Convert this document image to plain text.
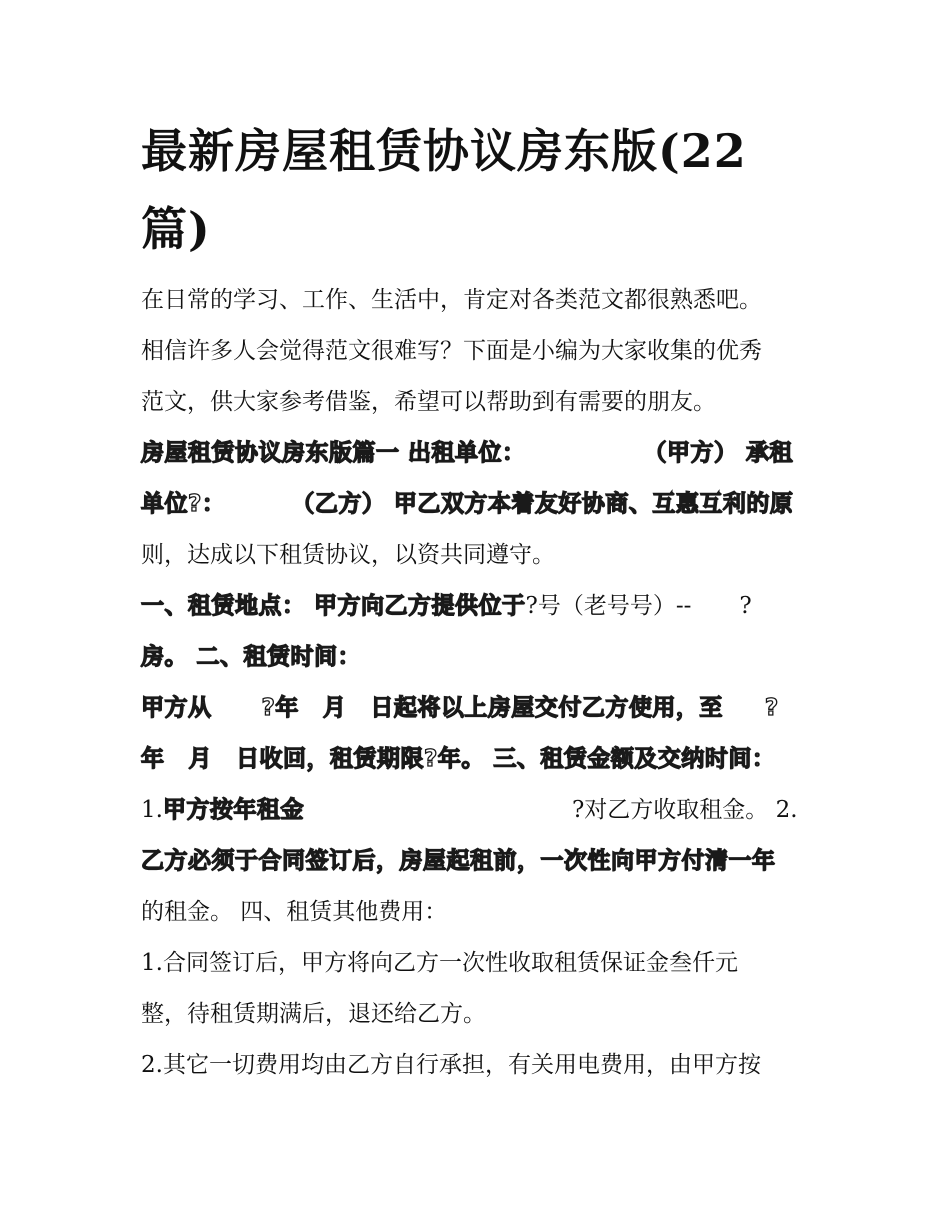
最新房屋租赁协议房东版(22
篇)
在日常的学习、工作、生活中，肯定对各类范文都很熟悉吧。
相信许多人会觉得范文很难写？下面是小编为大家收集的优秀
范文，供大家参考借鉴，希望可以帮助到有需要的朋友。
房屋租赁协议房东版篇一 出租单位：	（甲方） 承租
单位?：	（乙方） 甲乙双方本着友好协商、互惠互利的原
则，达成以下租赁协议，以资共同遵守。
一、租赁地点： 甲方向乙方提供位于?号（老号号）-- ?
房。 二、租赁时间：
甲方从 ?年 月 日起将以上房屋交付乙方使用，至 ?
年 月 日收回，租赁期限?年。 三、租赁金额及交纳时间：
1.甲方按年租金	?对乙方收取租金。 2.
乙方必须于合同签订后，房屋起租前，一次性向甲方付清一年
的租金。 四、租赁其他费用：
1.合同签订后，甲方将向乙方一次性收取租赁保证金叁仟元
整，待租赁期满后，退还给乙方。
2.其它一切费用均由乙方自行承担，有关用电费用，由甲方按
